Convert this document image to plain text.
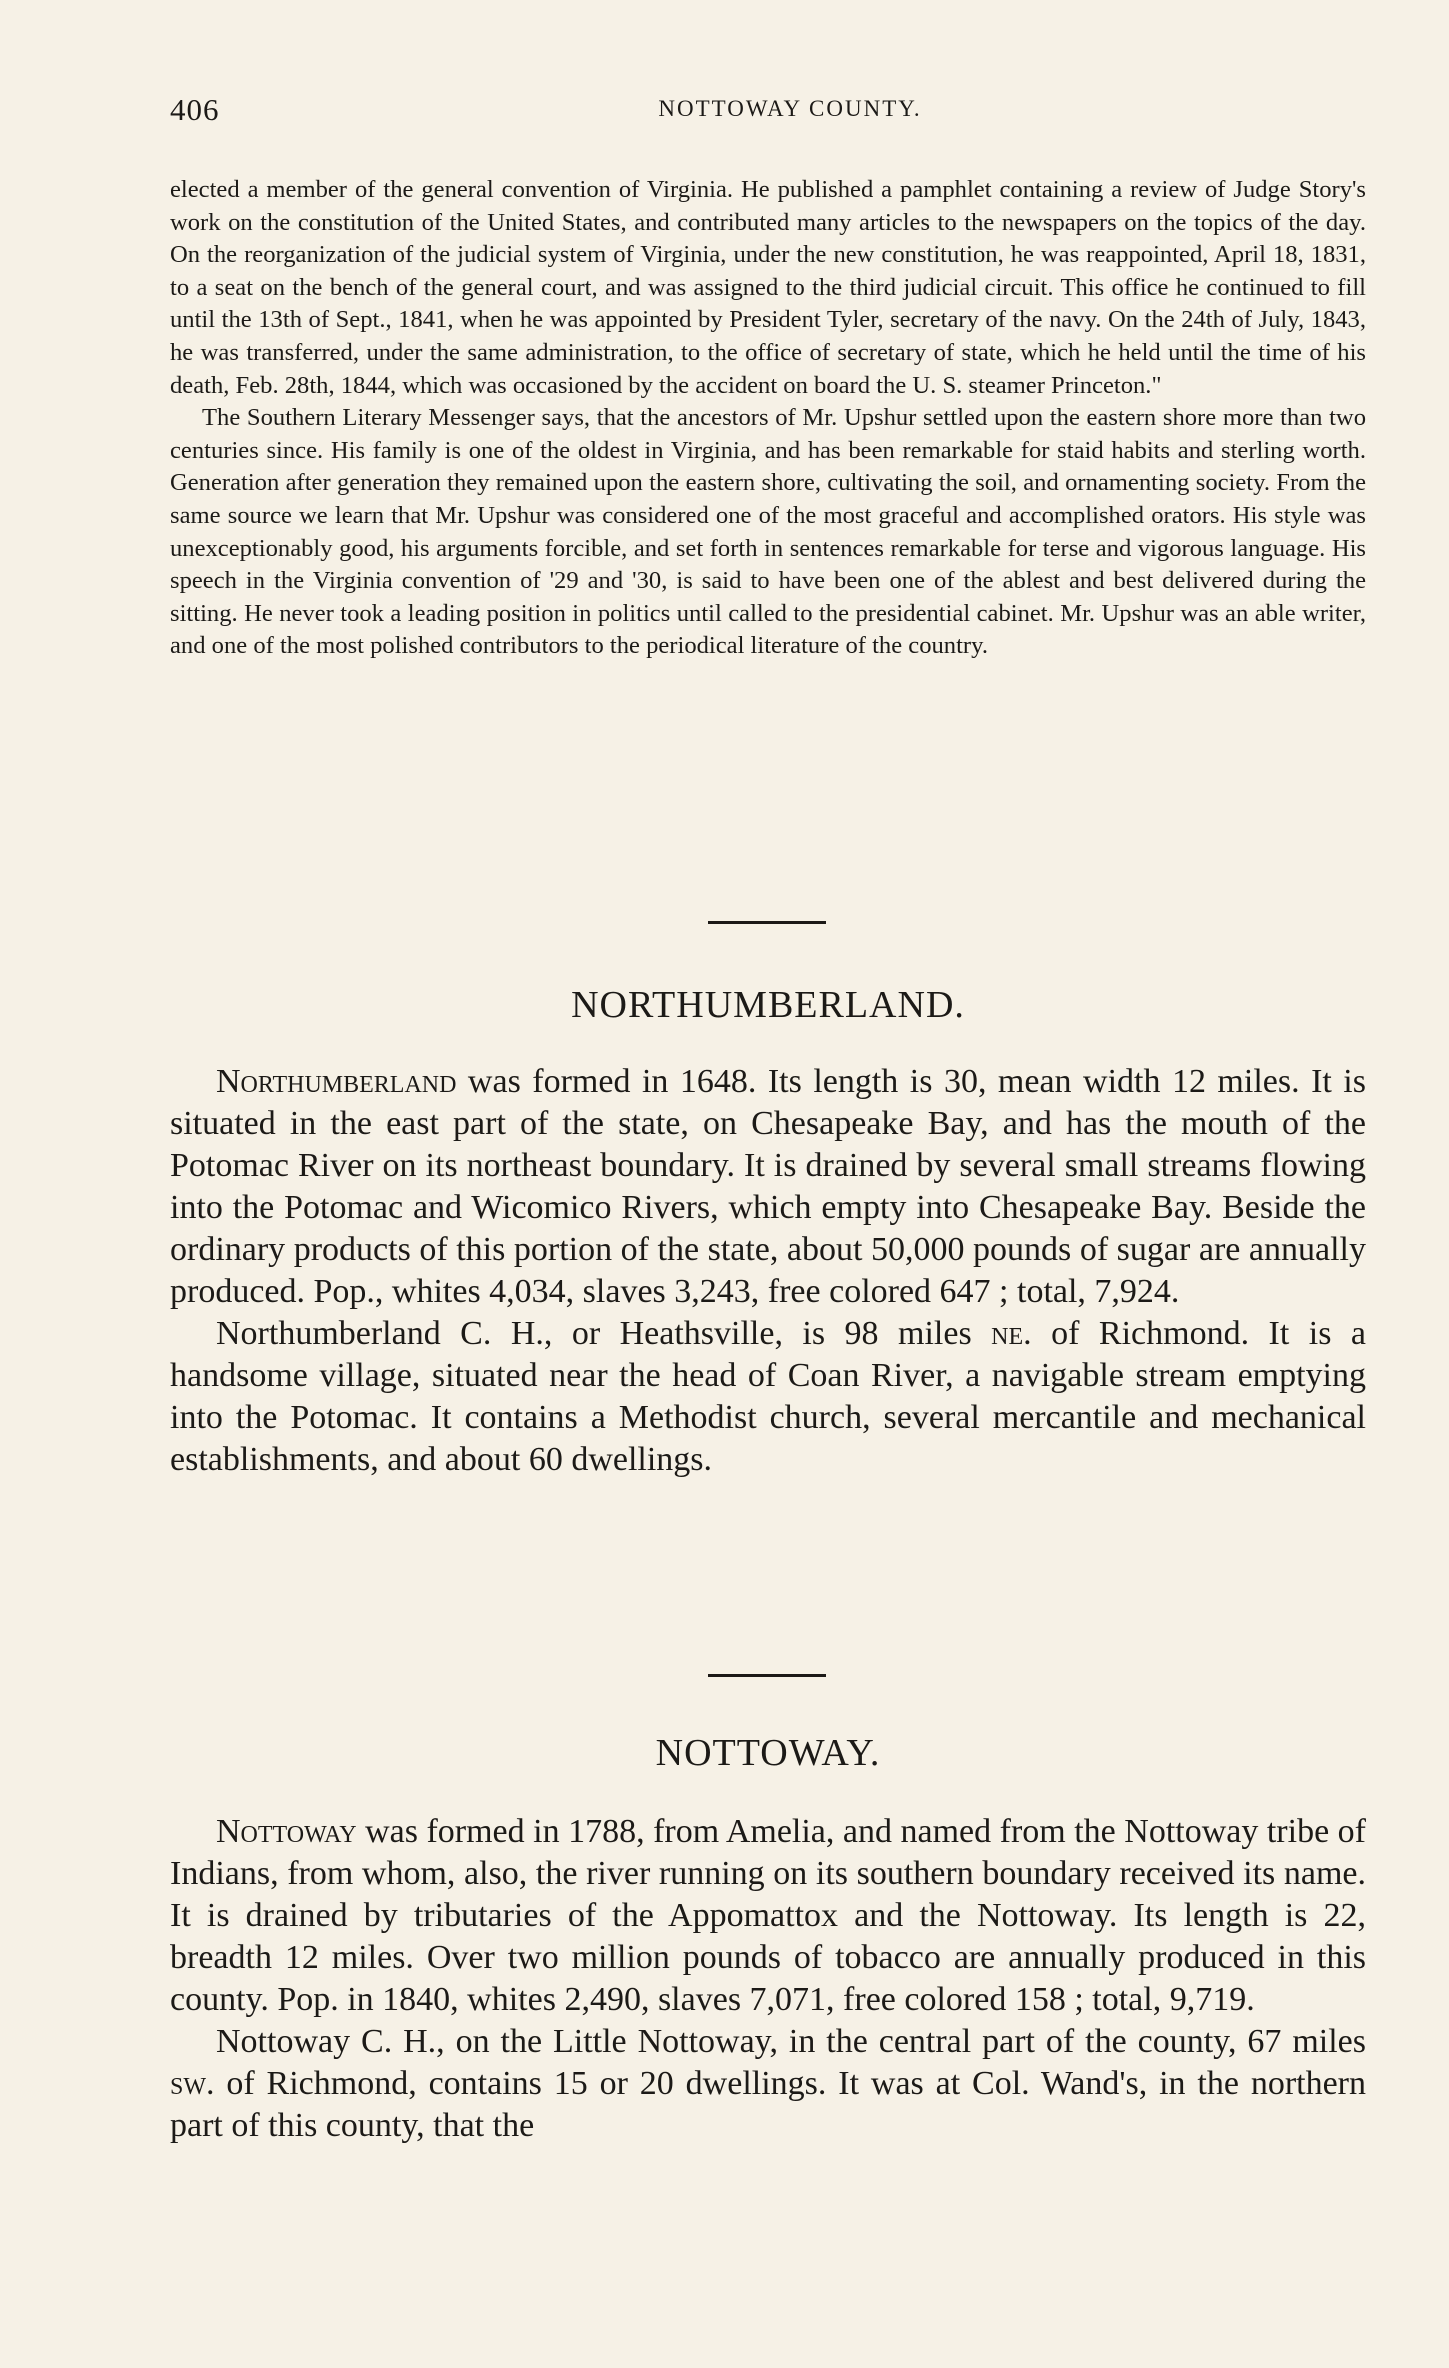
406	NOTTOWAY COUNTY.

elected a member of the general convention of Virginia. He published a pamphlet containing a review of Judge Story's work on the constitution of the United States, and contributed many articles to the newspapers on the topics of the day. On the reorganization of the judicial system of Virginia, under the new constitution, he was reappointed, April 18, 1831, to a seat on the bench of the general court, and was assigned to the third judicial circuit. This office he continued to fill until the 13th of Sept., 1841, when he was appointed by President Tyler, secretary of the navy. On the 24th of July, 1843, he was transferred, under the same administration, to the office of secretary of state, which he held until the time of his death, Feb. 28th, 1844, which was occasioned by the accident on board the U. S. steamer Princeton."

The Southern Literary Messenger says, that the ancestors of Mr. Upshur settled upon the eastern shore more than two centuries since. His family is one of the oldest in Virginia, and has been remarkable for staid habits and sterling worth. Generation after generation they remained upon the eastern shore, cultivating the soil, and ornamenting society. From the same source we learn that Mr. Upshur was considered one of the most graceful and accomplished orators. His style was unexceptionably good, his arguments forcible, and set forth in sentences remarkable for terse and vigorous language. His speech in the Virginia convention of '29 and '30, is said to have been one of the ablest and best delivered during the sitting. He never took a leading position in politics until called to the presidential cabinet. Mr. Upshur was an able writer, and one of the most polished contributors to the periodical literature of the country.

NORTHUMBERLAND.

Northumberland was formed in 1648. Its length is 30, mean width 12 miles. It is situated in the east part of the state, on Chesapeake Bay, and has the mouth of the Potomac River on its northeast boundary. It is drained by several small streams flowing into the Potomac and Wicomico Rivers, which empty into Chesapeake Bay. Beside the ordinary products of this portion of the state, about 50,000 pounds of sugar are annually produced. Pop., whites 4,034, slaves 3,243, free colored 647 ; total, 7,924.

Northumberland C. H., or Heathsville, is 98 miles ne. of Richmond. It is a handsome village, situated near the head of Coan River, a navigable stream emptying into the Potomac. It contains a Methodist church, several mercantile and mechanical establishments, and about 60 dwellings.

NOTTOWAY.

Nottoway was formed in 1788, from Amelia, and named from the Nottoway tribe of Indians, from whom, also, the river running on its southern boundary received its name. It is drained by tributaries of the Appomattox and the Nottoway. Its length is 22, breadth 12 miles. Over two million pounds of tobacco are annually produced in this county. Pop. in 1840, whites 2,490, slaves 7,071, free colored 158 ; total, 9,719.

Nottoway C. H., on the Little Nottoway, in the central part of the county, 67 miles sw. of Richmond, contains 15 or 20 dwellings. It was at Col. Wand's, in the northern part of this county, that the
